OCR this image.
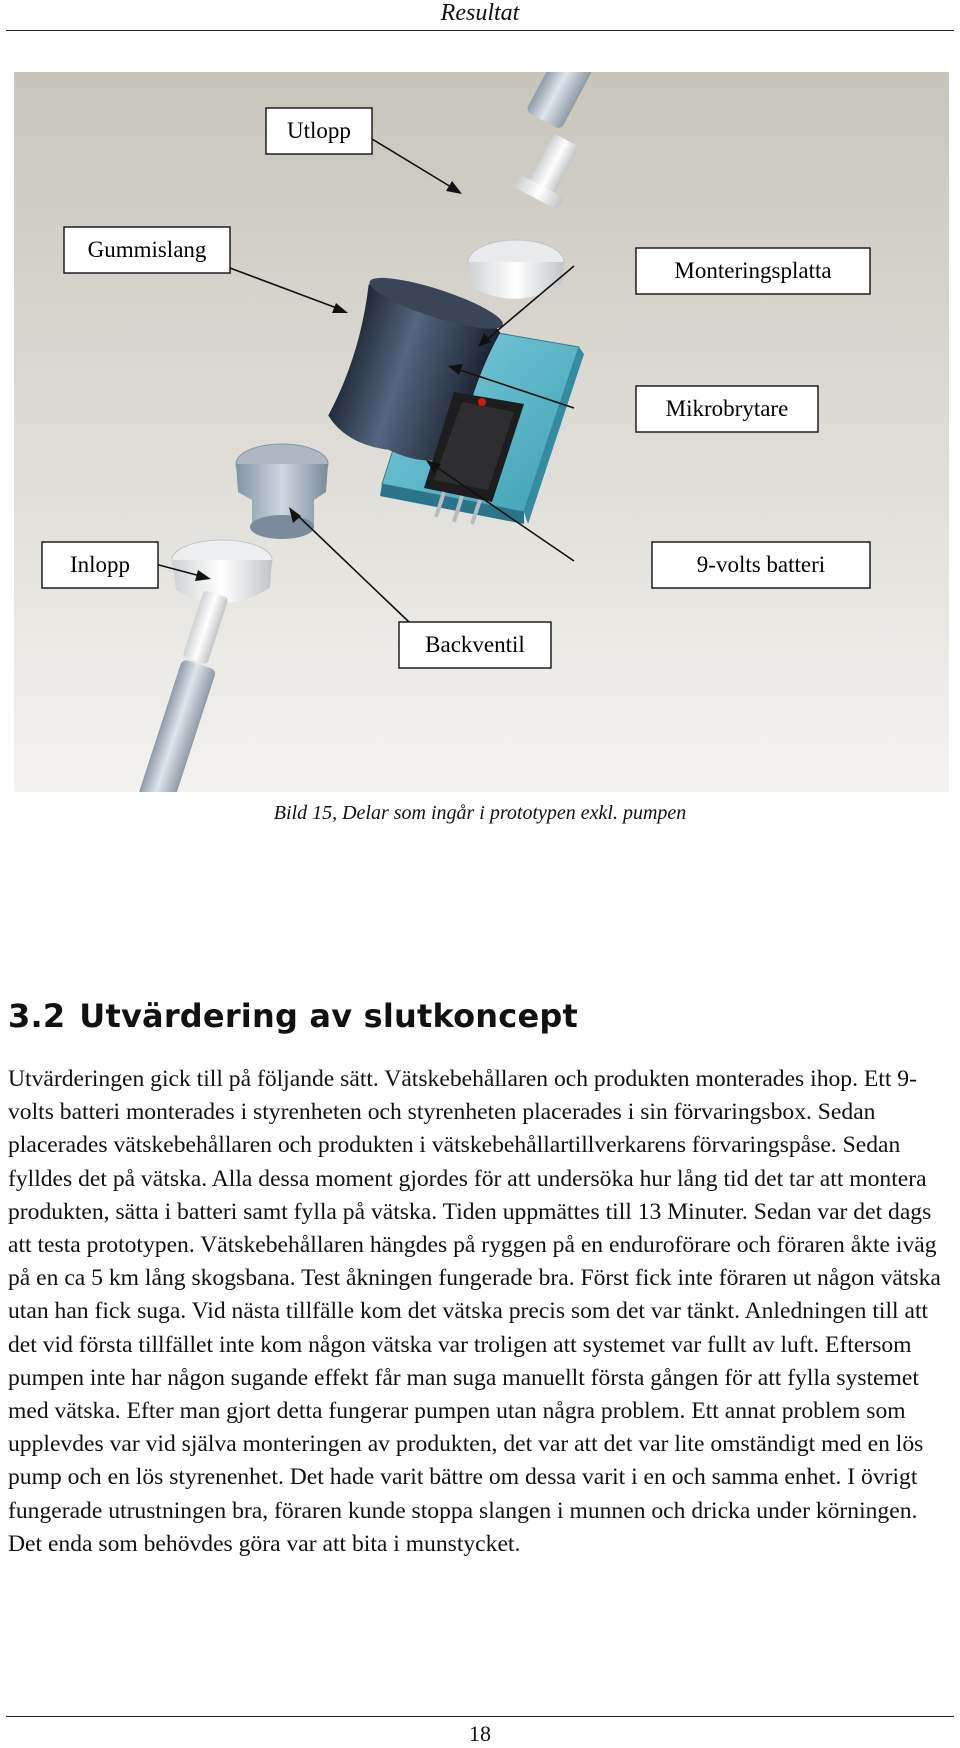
Resultat
Utlopp
Gummislang
Monteringsplatta
Mikrobrytare
Inlopp	9-volts batteri
Backventil
Bild 15, Delar som ingår i prototypen exkl. pumpen
3.2 Utvärdering av slutkoncept

Utvärderingen gick till på följande sätt. Vätskebehållaren och produkten monterades ihop. Ett 9-volts batteri monterades i styrenheten och styrenheten placerades i sin förvaringsbox. Sedan placerades vätskebehållaren och produkten i vätskebehållartillverkarens förvaringspåse. Sedan fylldes det på vätska. Alla dessa moment gjordes för att undersöka hur lång tid det tar att montera produkten, sätta i batteri samt fylla på vätska. Tiden uppmättes till 13 Minuter. Sedan var det dags att testa prototypen. Vätskebehållaren hängdes på ryggen på en enduroförare och föraren åkte iväg på en ca 5 km lång skogsbana. Test åkningen fungerade bra. Först fick inte föraren ut någon vätska utan han fick suga. Vid nästa tillfälle kom det vätska precis som det var tänkt. Anledningen till att det vid första tillfället inte kom någon vätska var troligen att systemet var fullt av luft. Eftersom pumpen inte har någon sugande effekt får man suga manuellt första gången för att fylla systemet med vätska. Efter man gjort detta fungerar pumpen utan några problem. Ett annat problem som upplevdes var vid själva monteringen av produkten, det var att det var lite omständigt med en lös pump och en lös styrenenhet. Det hade varit bättre om dessa varit i en och samma enhet. I övrigt fungerade utrustningen bra, föraren kunde stoppa slangen i munnen och dricka under körningen. Det enda som behövdes göra var att bita i munstycket.

18
